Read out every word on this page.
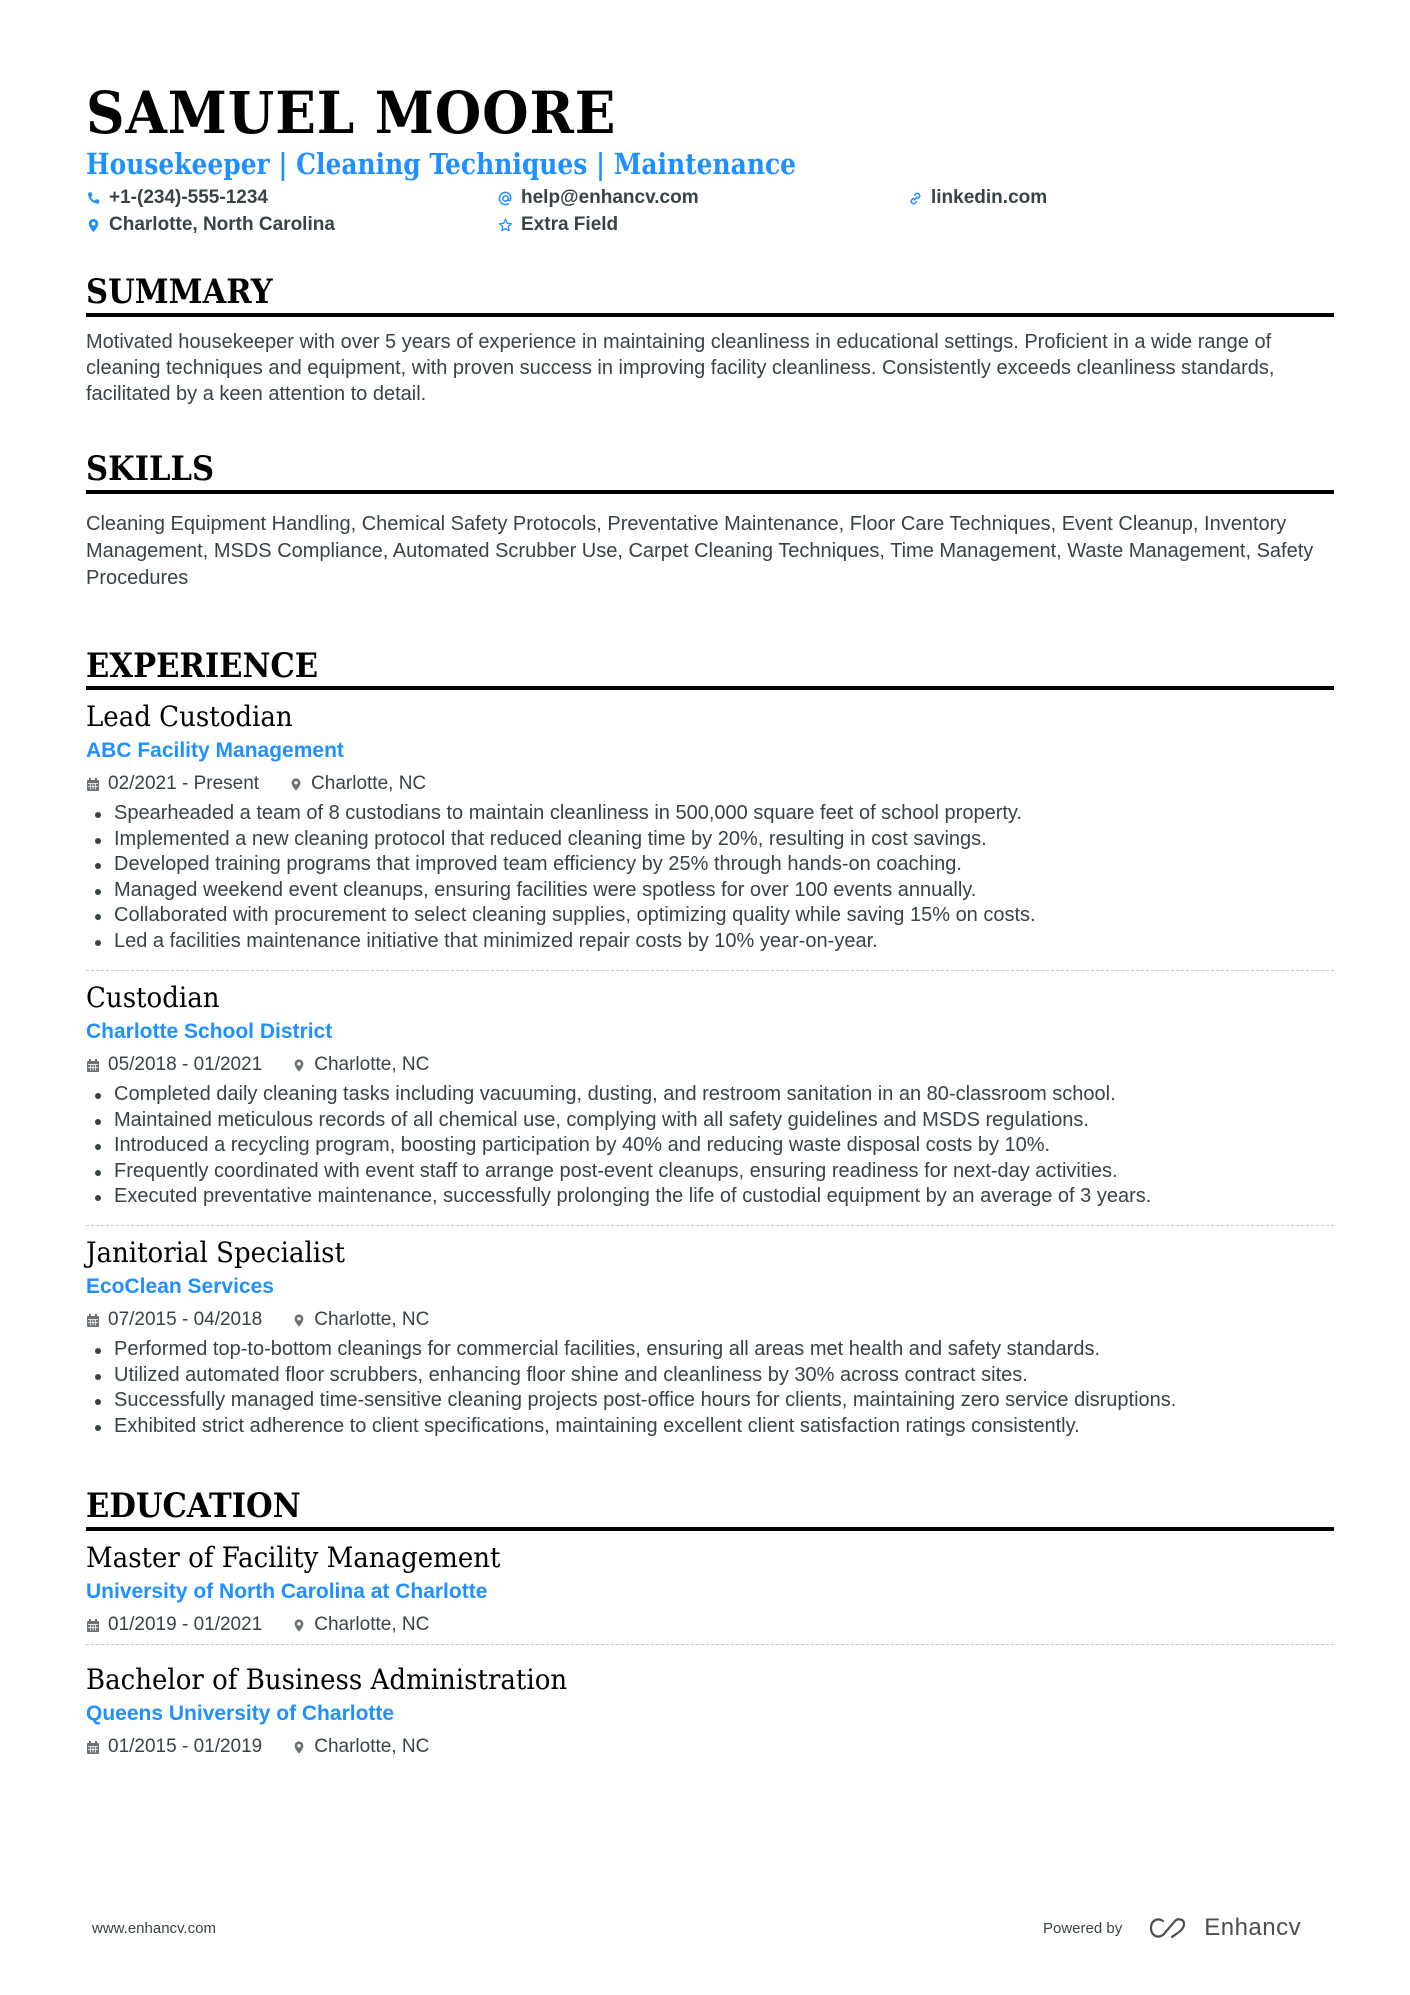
SAMUEL MOORE
Housekeeper | Cleaning Techniques | Maintenance
+1-(234)-555-1234	help@enhancv.com	linkedin.com
Charlotte, North Carolina	Extra Field
SUMMARY

Motivated housekeeper with over 5 years of experience in maintaining cleanliness in educational settings. Proficient in a wide range of cleaning techniques and equipment, with proven success in improving facility cleanliness. Consistently exceeds cleanliness standards, facilitated by a keen attention to detail.

SKILLS

Cleaning Equipment Handling, Chemical Safety Protocols, Preventative Maintenance, Floor Care Techniques, Event Cleanup, Inventory Management, MSDS Compliance, Automated Scrubber Use, Carpet Cleaning Techniques, Time Management, Waste Management, Safety Procedures

EXPERIENCE
Lead Custodian
ABC Facility Management
02/2021 - Present	Charlotte, NC
Spearheaded a team of 8 custodians to maintain cleanliness in 500,000 square feet of school property.
Implemented a new cleaning protocol that reduced cleaning time by 20%, resulting in cost savings.
Developed training programs that improved team efficiency by 25% through hands-on coaching.
Managed weekend event cleanups, ensuring facilities were spotless for over 100 events annually.
Collaborated with procurement to select cleaning supplies, optimizing quality while saving 15% on costs.
Led a facilities maintenance initiative that minimized repair costs by 10% year-on-year.
Custodian
Charlotte School District
05/2018 - 01/2021	Charlotte, NC
Completed daily cleaning tasks including vacuuming, dusting, and restroom sanitation in an 80-classroom school.
Maintained meticulous records of all chemical use, complying with all safety guidelines and MSDS regulations.
Introduced a recycling program, boosting participation by 40% and reducing waste disposal costs by 10%.
Frequently coordinated with event staff to arrange post-event cleanups, ensuring readiness for next-day activities.
Executed preventative maintenance, successfully prolonging the life of custodial equipment by an average of 3 years.
Janitorial Specialist
EcoClean Services
07/2015 - 04/2018	Charlotte, NC
Performed top-to-bottom cleanings for commercial facilities, ensuring all areas met health and safety standards.
Utilized automated floor scrubbers, enhancing floor shine and cleanliness by 30% across contract sites.
Successfully managed time-sensitive cleaning projects post-office hours for clients, maintaining zero service disruptions.
Exhibited strict adherence to client specifications, maintaining excellent client satisfaction ratings consistently.
EDUCATION
Master of Facility Management
University of North Carolina at Charlotte
01/2019 - 01/2021	Charlotte, NC
Bachelor of Business Administration
Queens University of Charlotte
01/2015 - 01/2019	Charlotte, NC
www.enhancv.com	Powered by	Enhancv
